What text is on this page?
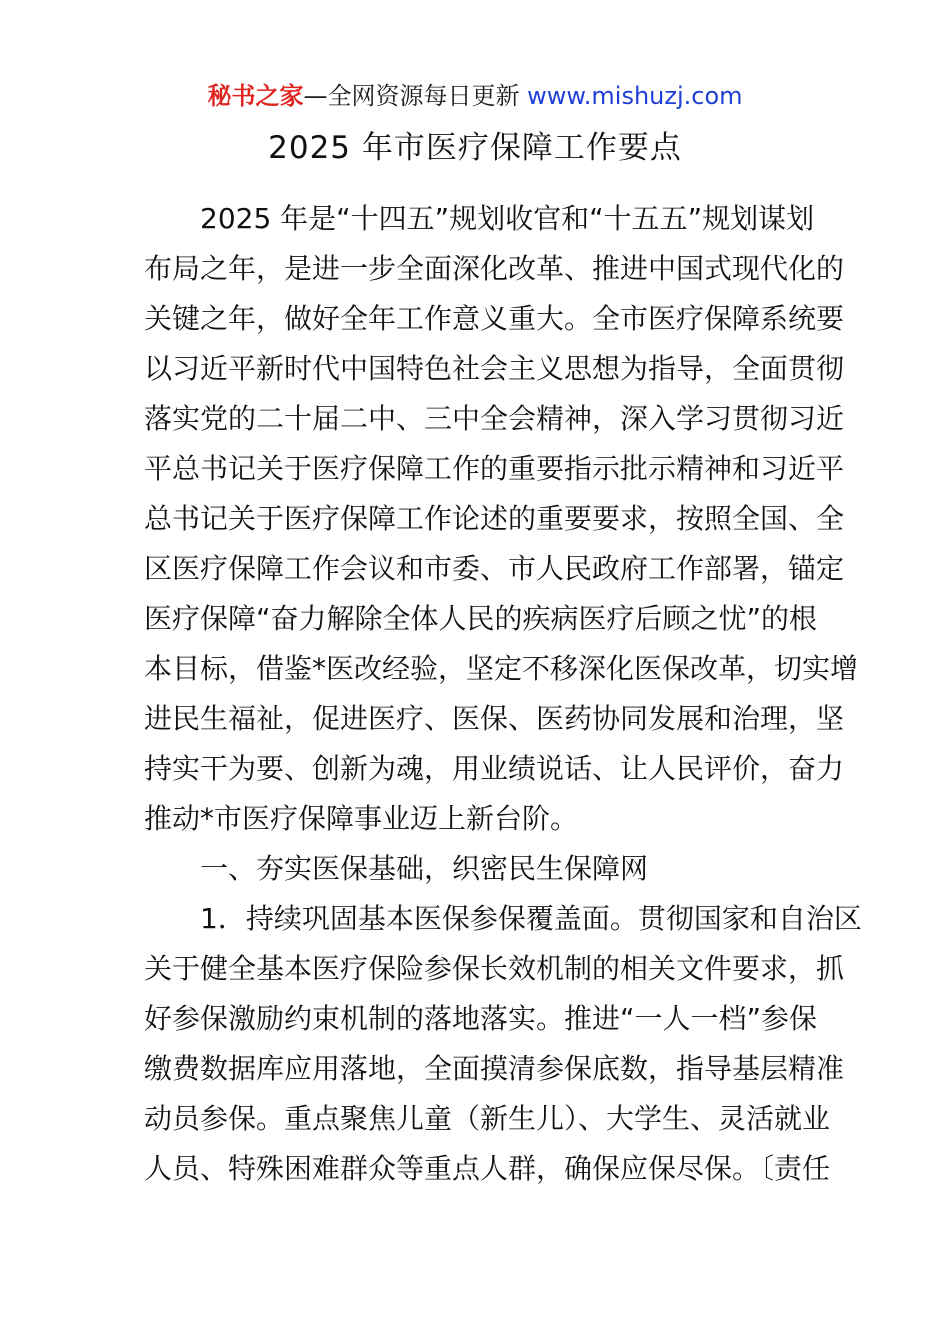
秘书之家—全网资源每日更新 www.mishuzj.com
2025 年市医疗保障工作要点
2025 年是“十四五”规划收官和“十五五”规划谋划
布局之年，是进一步全面深化改革、推进中国式现代化的
关键之年，做好全年工作意义重大。全市医疗保障系统要
以习近平新时代中国特色社会主义思想为指导，全面贯彻
落实党的二十届二中、三中全会精神，深入学习贯彻习近
平总书记关于医疗保障工作的重要指示批示精神和习近平
总书记关于医疗保障工作论述的重要要求，按照全国、全
区医疗保障工作会议和市委、市人民政府工作部署，锚定
医疗保障“奋力解除全体人民的疾病医疗后顾之忧”的根
本目标，借鉴*医改经验，坚定不移深化医保改革，切实增
进民生福祉，促进医疗、医保、医药协同发展和治理，坚
持实干为要、创新为魂，用业绩说话、让人民评价，奋力
推动*市医疗保障事业迈上新台阶。
一、夯实医保基础，织密民生保障网
1．持续巩固基本医保参保覆盖面。贯彻国家和自治区
关于健全基本医疗保险参保长效机制的相关文件要求，抓
好参保激励约束机制的落地落实。推进“一人一档”参保
缴费数据库应用落地，全面摸清参保底数，指导基层精准
动员参保。重点聚焦儿童（新生儿）、大学生、灵活就业
人员、特殊困难群众等重点人群，确保应保尽保。〔责任
